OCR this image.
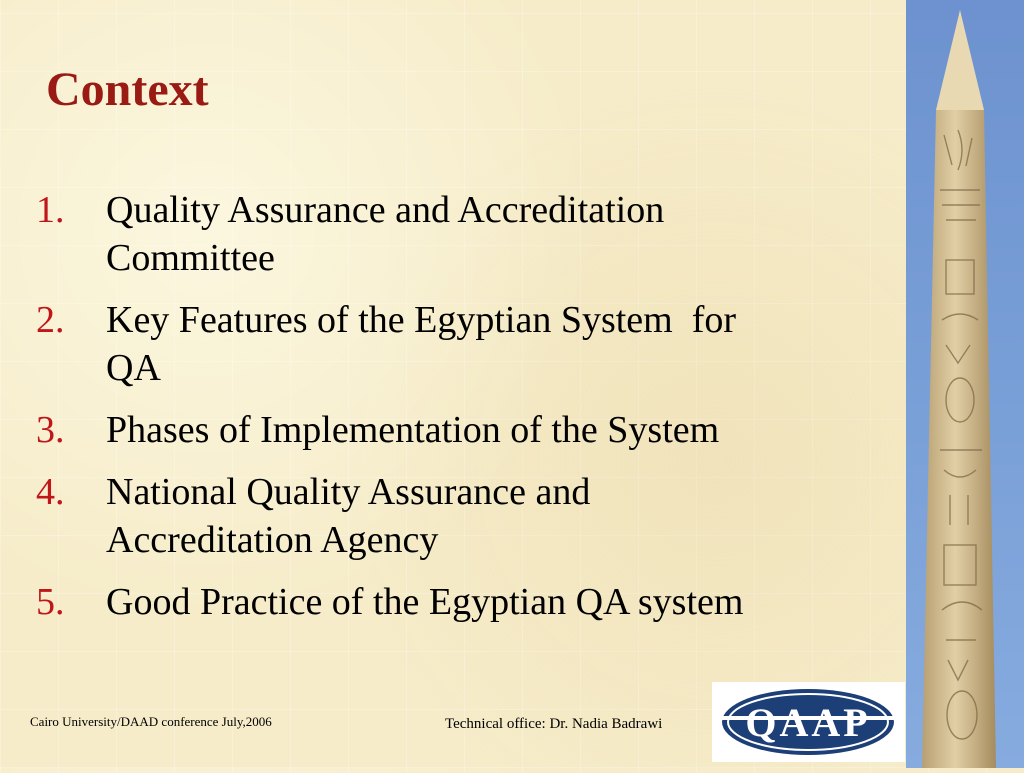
Context
1.	Quality Assurance and Accreditation
Committee
2.	Key Features of the Egyptian System  for
QA
3.	Phases of Implementation of the System
4.	National Quality Assurance and
Accreditation Agency
5.	Good Practice of the Egyptian QA system
Cairo University/DAAD conference July,2006	Technical office: Dr. Nadia Badrawi QAAP
